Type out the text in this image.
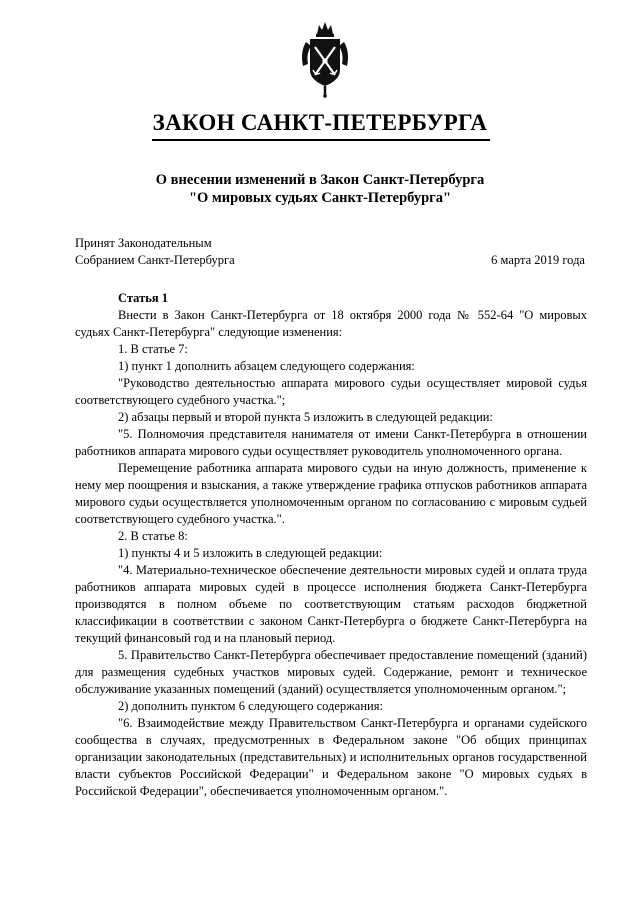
ЗАКОН САНКТ-ПЕТЕРБУРГА
О внесении изменений в Закон Санкт-Петербурга
"О мировых судьях Санкт-Петербурга"
Принят Законодательным
Собранием Санкт-Петербурга	6 марта 2019 года

Статья 1

Внести в Закон Санкт-Петербурга от 18 октября 2000 года № 552-64 "О мировых судьях Санкт-Петербурга" следующие изменения:

1. В статье 7:

1) пункт 1 дополнить абзацем следующего содержания:

"Руководство деятельностью аппарата мирового судьи осуществляет мировой судья соответствующего судебного участка.";

2) абзацы первый и второй пункта 5 изложить в следующей редакции:

"5. Полномочия представителя нанимателя от имени Санкт-Петербурга в отношении работников аппарата мирового судьи осуществляет руководитель уполномоченного органа.

Перемещение работника аппарата мирового судьи на иную должность, применение к нему мер поощрения и взыскания, а также утверждение графика отпусков работников аппарата мирового судьи осуществляется уполномоченным органом по согласованию с мировым судьей соответствующего судебного участка.".

2. В статье 8:

1) пункты 4 и 5 изложить в следующей редакции:

"4. Материально-техническое обеспечение деятельности мировых судей и оплата труда работников аппарата мировых судей в процессе исполнения бюджета Санкт-Петербурга производятся в полном объеме по соответствующим статьям расходов бюджетной классификации в соответствии с законом Санкт-Петербурга о бюджете Санкт-Петербурга на текущий финансовый год и на плановый период.

5. Правительство Санкт-Петербурга обеспечивает предоставление помещений (зданий) для размещения судебных участков мировых судей. Содержание, ремонт и техническое обслуживание указанных помещений (зданий) осуществляется уполномоченным органом.";

2) дополнить пунктом 6 следующего содержания:

"6. Взаимодействие между Правительством Санкт-Петербурга и органами судейского сообщества в случаях, предусмотренных в Федеральном законе "Об общих принципах организации законодательных (представительных) и исполнительных органов государственной власти субъектов Российской Федерации" и Федеральном законе "О мировых судьях в Российской Федерации", обеспечивается уполномоченным органом.".
